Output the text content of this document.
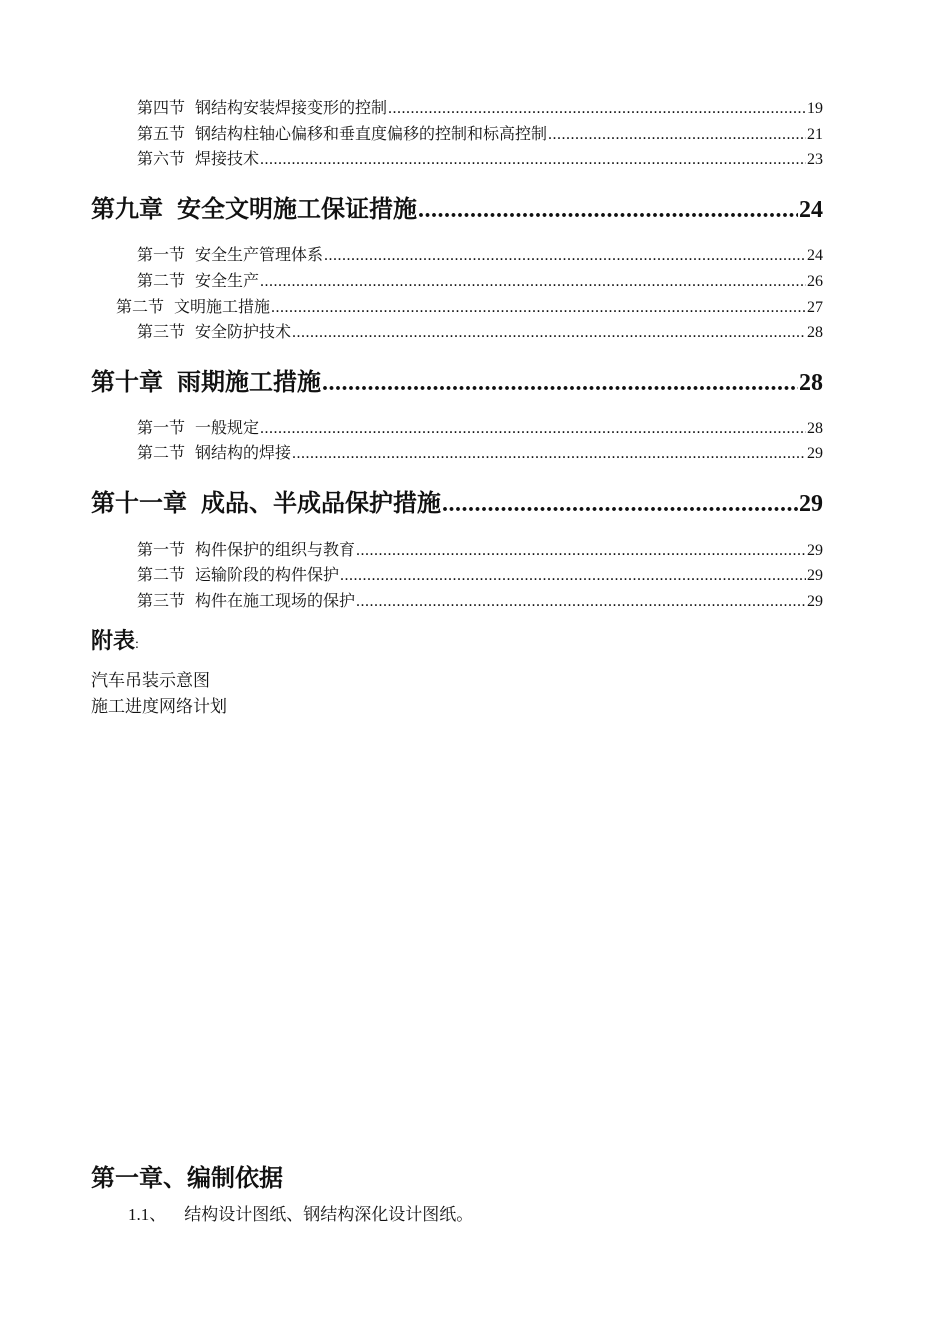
第四节 钢结构安装焊接变形的控制 .....	19
第五节 钢结构柱轴心偏移和垂直度偏移的控制和标高控制 .....	21
第六节 焊接技术 .....	23
第九章 安全文明施工保证措施 .....	24
第一节 安全生产管理体系 .....	24
第二节 安全生产 .....	26
第二节 文明施工措施 .....	27
第三节 安全防护技术 .....	28
第十章 雨期施工措施 .....	28
第一节 一般规定 .....	28
第二节 钢结构的焊接 .....	29
第十一章 成品、半成品保护措施 .....	29
第一节 构件保护的组织与教育 .....	29
第二节 运输阶段的构件保护 .....	29
第三节 构件在施工现场的保护 .....	29
附表:
汽车吊装示意图
施工进度网络计划
第一章、编制依据
1.1、 结构设计图纸、钢结构深化设计图纸。
